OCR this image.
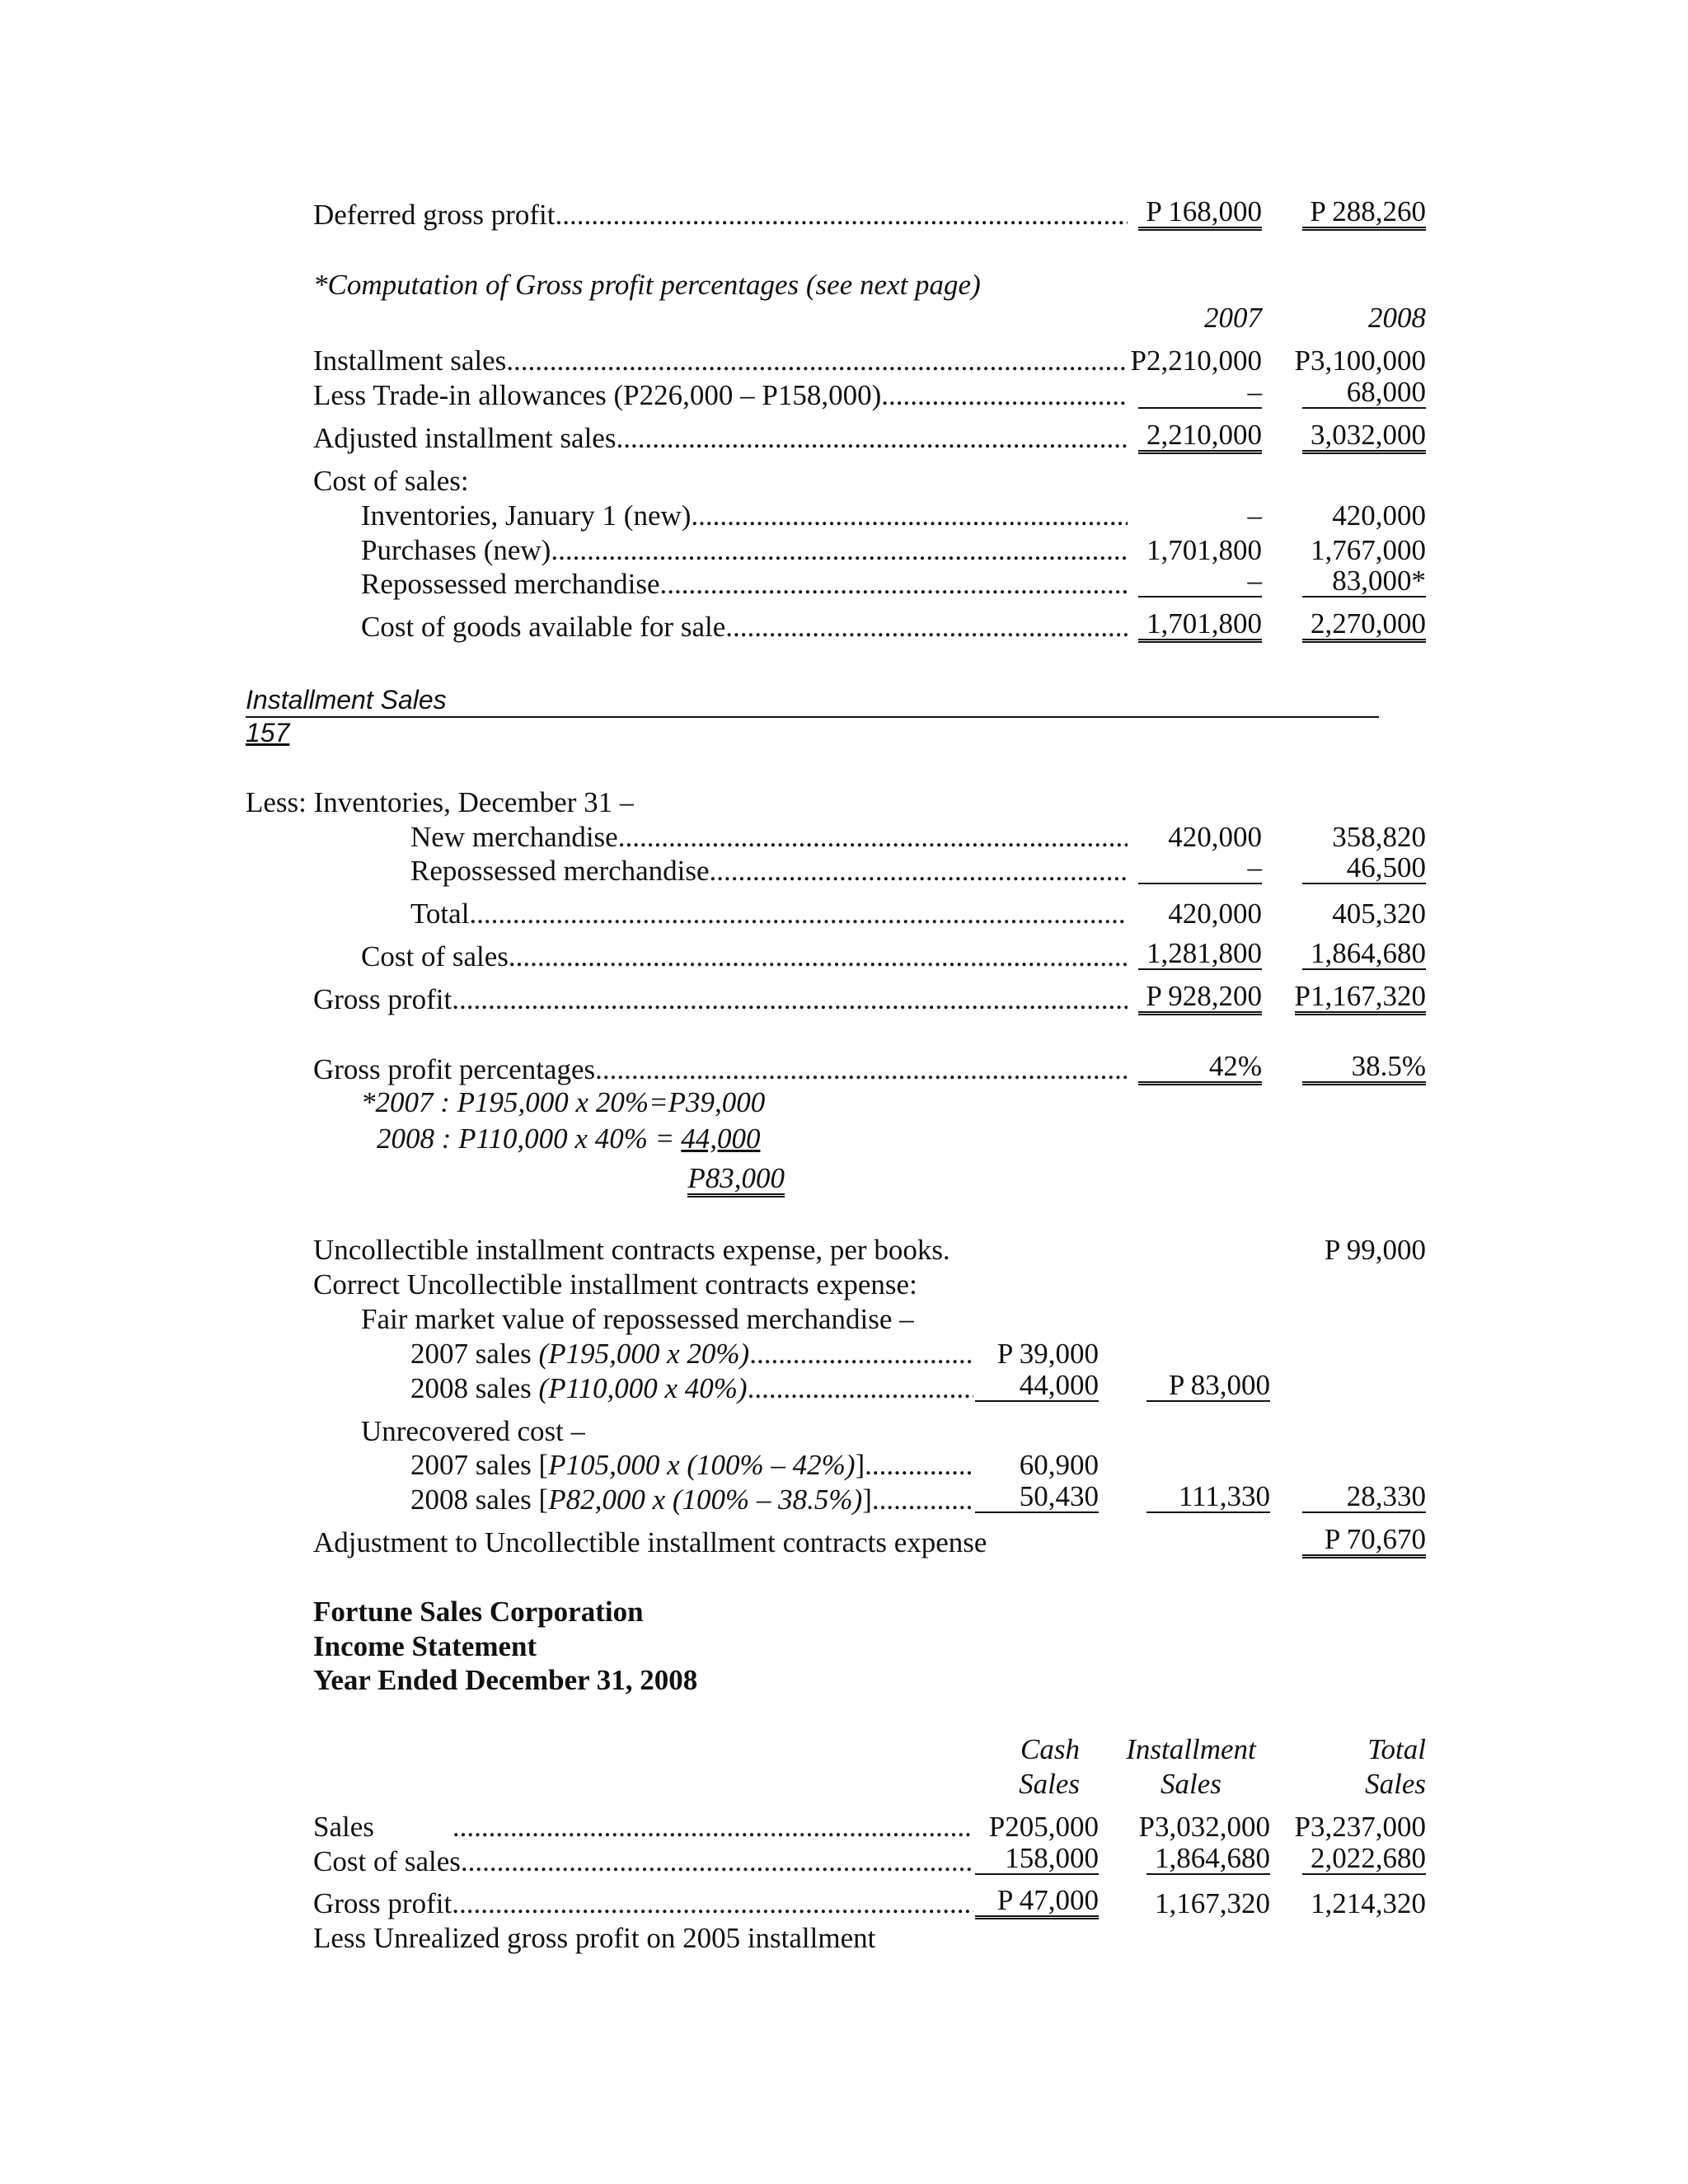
Deferred gross profit .....	P 168,000 P 288,260
*Computation of Gross profit percentages (see next page)
2007	2008
Installment sales .....	P2,210,000 P3,100,000
Less Trade-in allowances (P226,000 – P158,000) .....	–	68,000
Adjusted installment sales .....	2,210,000 3,032,000
Cost of sales:
Inventories, January 1 (new) .....	– 420,000
Purchases (new) .....	1,701,800 1,767,000
Repossessed merchandise .....	–	83,000*
Cost of goods available for sale .....	1,701,800 2,270,000
Installment Sales
157
Less: Inventories, December 31 –
New merchandise .....	420,000 358,820
Repossessed merchandise .....	–	46,500
Total .....	420,000 405,320
Cost of sales .....	1,281,800 1,864,680
Gross profit .....	P 928,200 P1,167,320
Gross profit percentages .....	42%	38.5%
*2007 : P195,000 x 20%=P39,000
2008 : P110,000 x 40% = 44,000
P83,000
Uncollectible installment contracts expense, per books.	P 99,000
Correct Uncollectible installment contracts expense:
Fair market value of repossessed merchandise –
2007 sales (P195,000 x 20%) .....	P 39,000
2008 sales (P110,000 x 40%) .....	44,000	P 83,000
Unrecovered cost –
2007 sales [P105,000 x (100% – 42%)] .....	60,900
2008 sales [P82,000 x (100% – 38.5%)] .....	50,430	111,330	28,330
Adjustment to Uncollectible installment contracts expense	P 70,670
Fortune Sales Corporation
Income Statement
Year Ended December 31, 2008
Cash	Installment	Total
Sales	Sales	Sales
Sales .....	P205,000 P3,032,000 P3,237,000
Cost of sales .....	158,000 1,864,680 2,022,680
Gross profit .....	P 47,000 1,167,320 1,214,320
Less Unrealized gross profit on 2005 installment
